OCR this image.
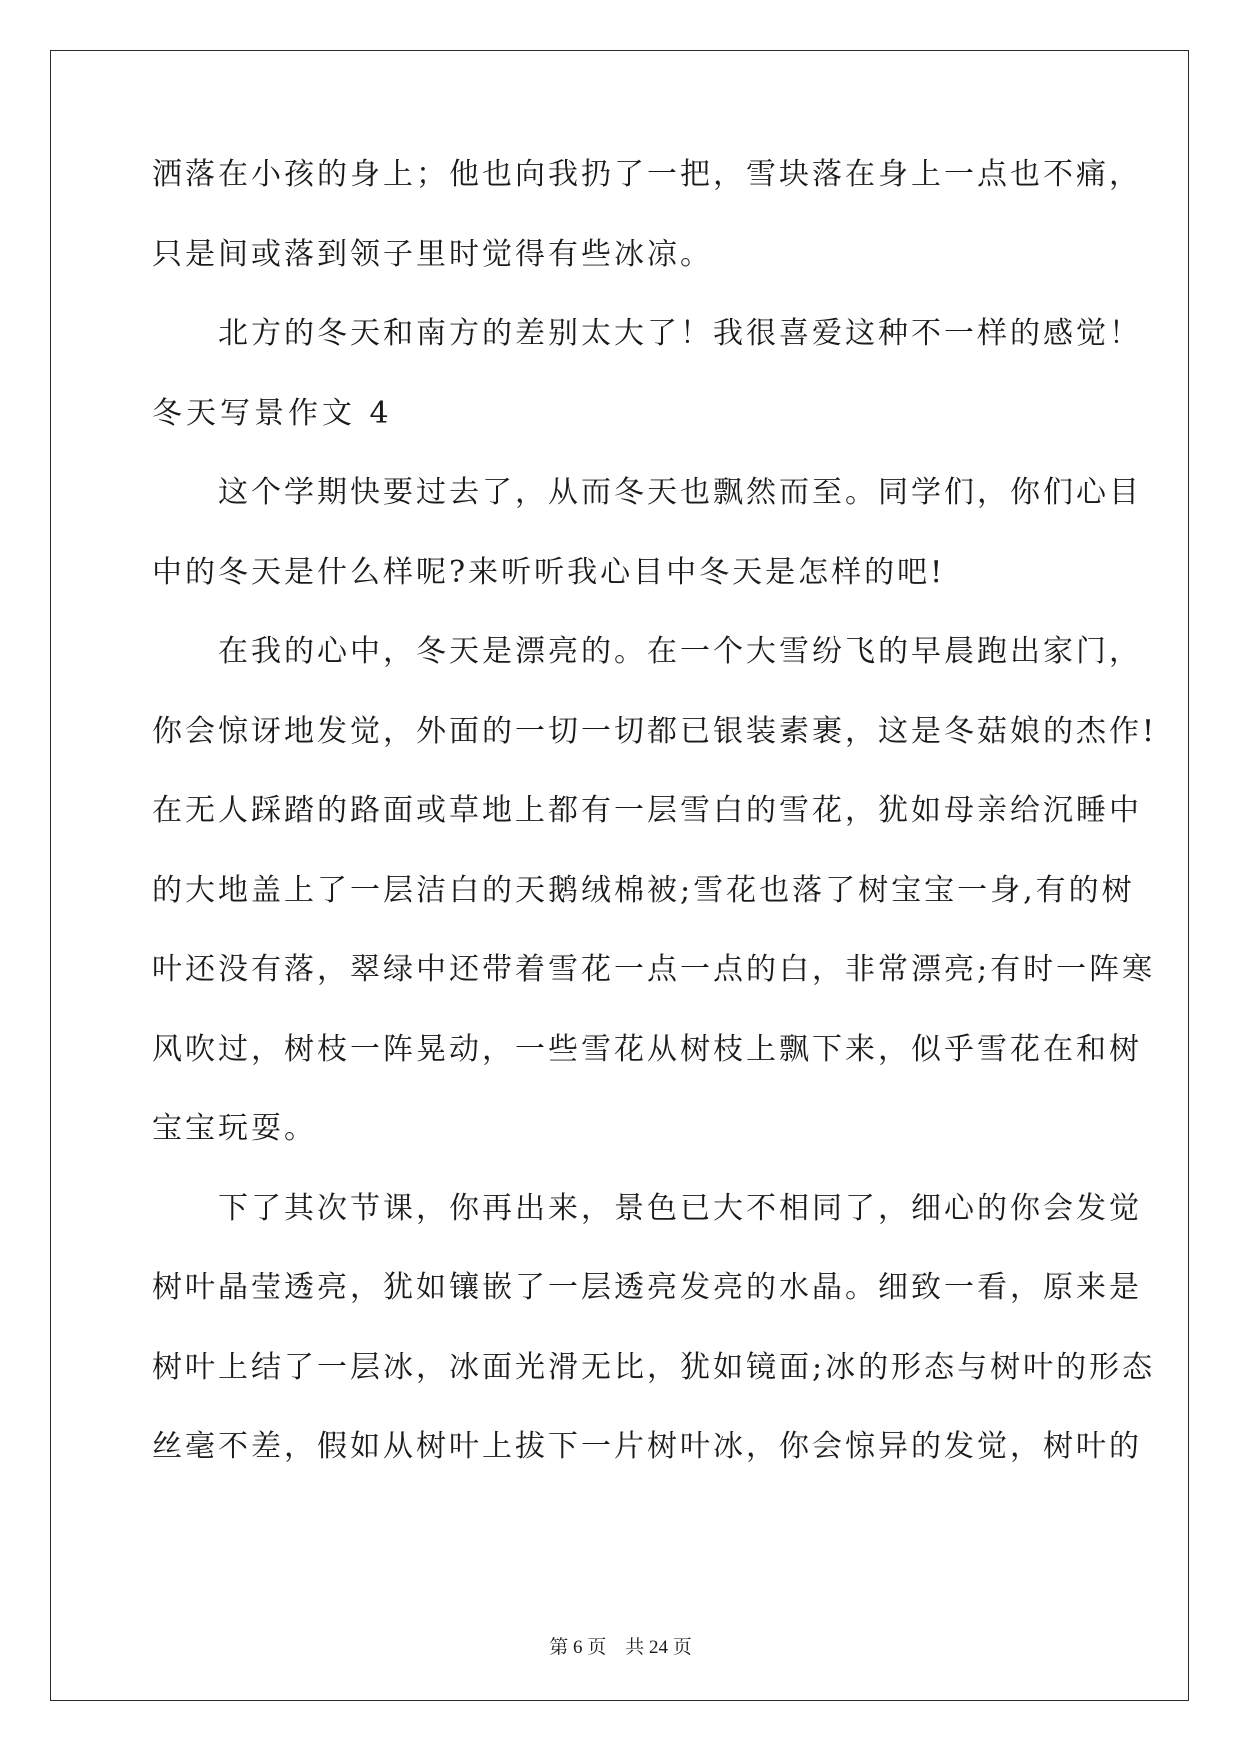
洒落在小孩的身上；他也向我扔了一把，雪块落在身上一点也不痛，
只是间或落到领子里时觉得有些冰凉。
　　北方的冬天和南方的差别太大了！我很喜爱这种不一样的感觉！
冬天写景作文 4
　　这个学期快要过去了，从而冬天也飘然而至。同学们，你们心目
中的冬天是什么样呢?来听听我心目中冬天是怎样的吧!
　　在我的心中，冬天是漂亮的。在一个大雪纷飞的早晨跑出家门，
你会惊讶地发觉，外面的一切一切都已银装素裹，这是冬菇娘的杰作!
在无人踩踏的路面或草地上都有一层雪白的雪花，犹如母亲给沉睡中
的大地盖上了一层洁白的天鹅绒棉被;雪花也落了树宝宝一身,有的树
叶还没有落，翠绿中还带着雪花一点一点的白，非常漂亮;有时一阵寒
风吹过，树枝一阵晃动，一些雪花从树枝上飘下来，似乎雪花在和树
宝宝玩耍。
　　下了其次节课，你再出来，景色已大不相同了，细心的你会发觉
树叶晶莹透亮，犹如镶嵌了一层透亮发亮的水晶。细致一看，原来是
树叶上结了一层冰，冰面光滑无比，犹如镜面;冰的形态与树叶的形态
丝毫不差，假如从树叶上拔下一片树叶冰，你会惊异的发觉，树叶的
第 6 页　共 24 页
